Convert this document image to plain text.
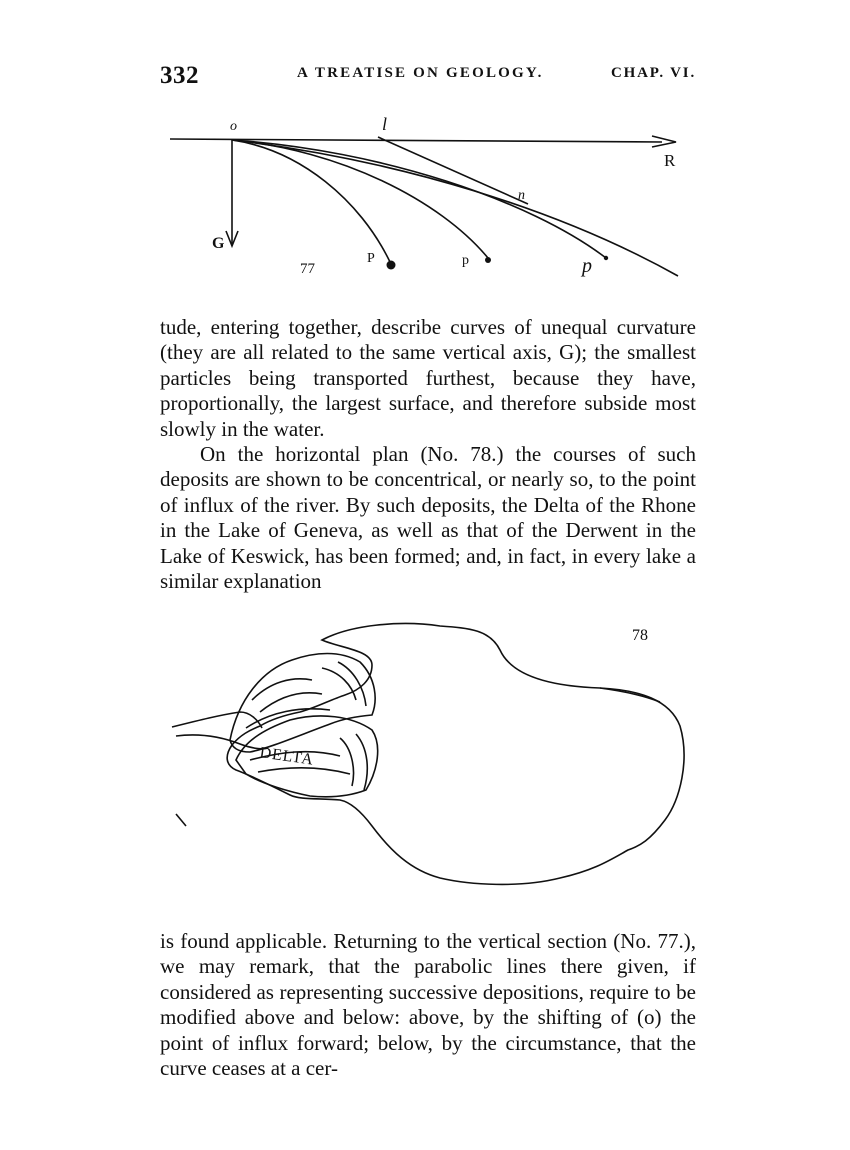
332	A TREATISE ON GEOLOGY.	CHAP. VI.
o	l
n
p
R
G
77
P	p

tude, entering together, describe curves of unequal curvature (they are all related to the same vertical axis, G); the smallest particles being transported furthest, because they have, proportionally, the largest surface, and therefore subside most slowly in the water.

On the horizontal plan (No. 78.) the courses of such deposits are shown to be concentrical, or nearly so, to the point of influx of the river. By such deposits, the Delta of the Rhone in the Lake of Geneva, as well as that of the Derwent in the Lake of Keswick, has been formed; and, in fact, in every lake a similar explanation

DELTA
78

is found applicable. Returning to the vertical section (No. 77.), we may remark, that the parabolic lines there given, if considered as representing successive depositions, require to be modified above and below: above, by the shifting of (o) the point of influx forward; below, by the circumstance, that the curve ceases at a cer-
